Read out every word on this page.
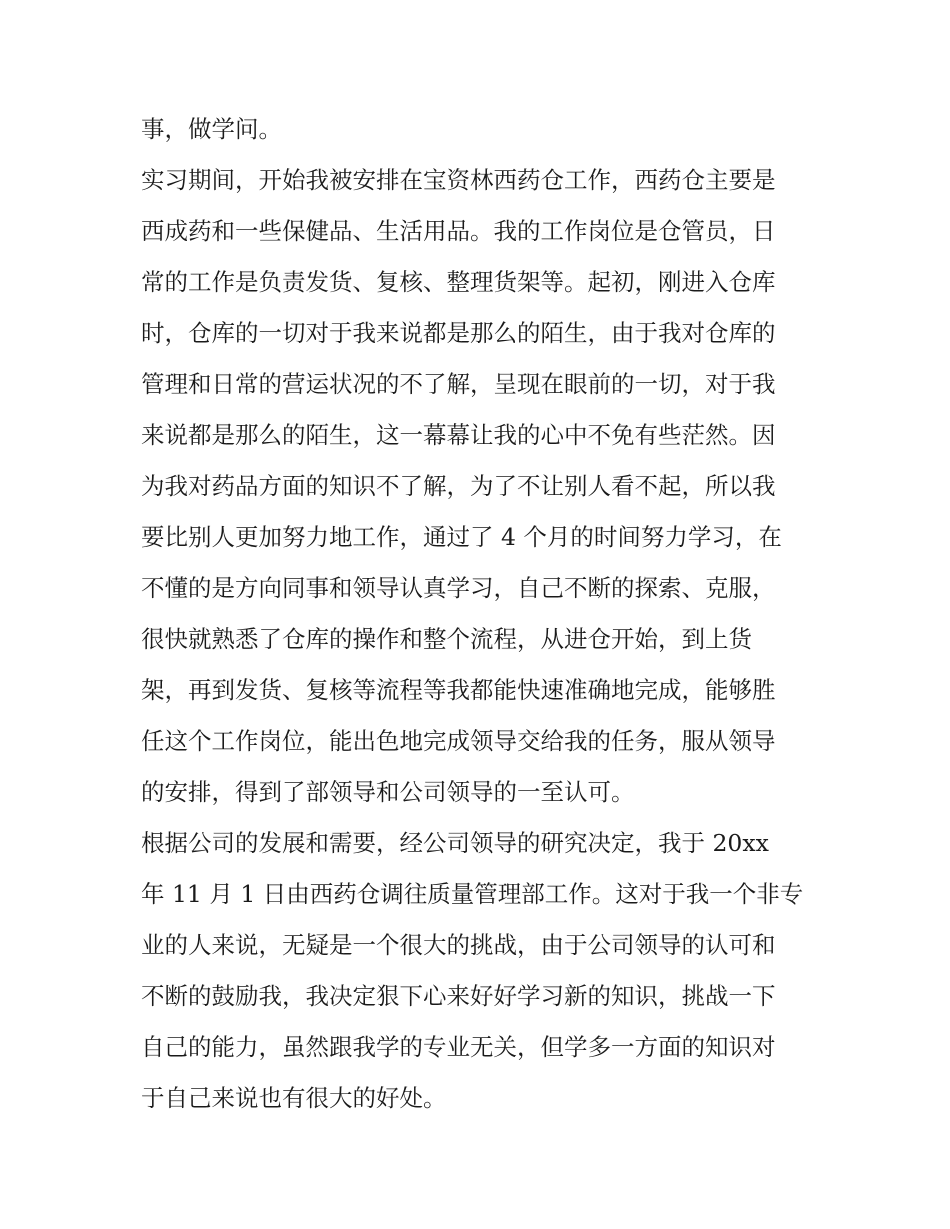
事，做学问。
实习期间，开始我被安排在宝资林西药仓工作，西药仓主要是
西成药和一些保健品、生活用品。我的工作岗位是仓管员，日
常的工作是负责发货、复核、整理货架等。起初，刚进入仓库
时，仓库的一切对于我来说都是那么的陌生，由于我对仓库的
管理和日常的营运状况的不了解，呈现在眼前的一切，对于我
来说都是那么的陌生，这一幕幕让我的心中不免有些茫然。因
为我对药品方面的知识不了解，为了不让别人看不起，所以我
要比别人更加努力地工作，通过了 4 个月的时间努力学习，在
不懂的是方向同事和领导认真学习，自己不断的探索、克服，
很快就熟悉了仓库的操作和整个流程，从进仓开始，到上货
架，再到发货、复核等流程等我都能快速准确地完成，能够胜
任这个工作岗位，能出色地完成领导交给我的任务，服从领导
的安排，得到了部领导和公司领导的一至认可。
根据公司的发展和需要，经公司领导的研究决定，我于 20xx
年 11 月 1 日由西药仓调往质量管理部工作。这对于我一个非专
业的人来说，无疑是一个很大的挑战，由于公司领导的认可和
不断的鼓励我，我决定狠下心来好好学习新的知识，挑战一下
自己的能力，虽然跟我学的专业无关，但学多一方面的知识对
于自己来说也有很大的好处。
